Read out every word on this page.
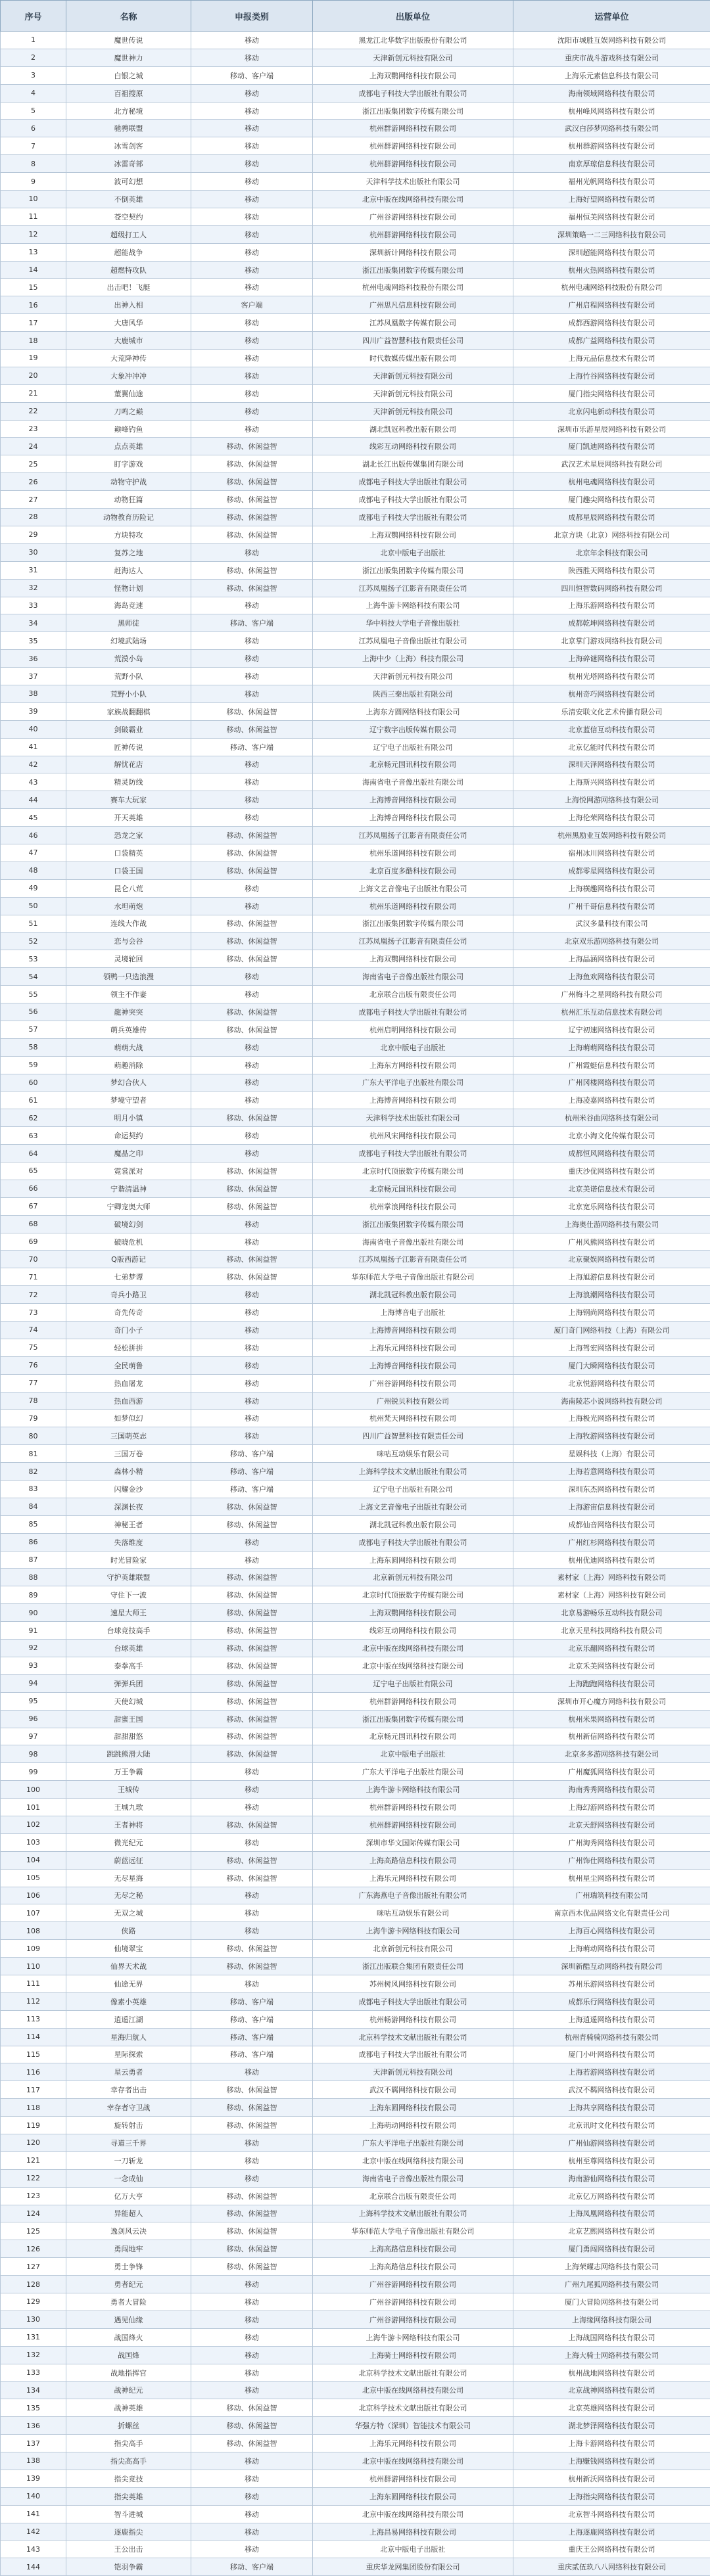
序号	名称	申报类别	出版单位	运营单位
1	魔世传说	移动	黑龙江北华数字出版股份有限公司	沈阳市城胜互娱网络科技有限公司
2	魔世神力	移动	天津新创元科技有限公司	重庆市战斗游戏科技有限公司
3	白银之城	移动、客户端	上海双鹦网络科技有限公司	上海乐元素信息科技有限公司
4	百祖搜原	移动	成都电子科技大学出版社有限公司	海南领域网络科技有限公司
5	北方秘境	移动	浙江出版集团数字传媒有限公司	杭州峰风网络科技有限公司
6	驰骋联盟	移动	杭州群游网络科技有限公司	武汉白莎梦网络科技有限公司
7	冰雪剑客	移动	杭州群游网络科技有限公司	杭州群游网络科技有限公司
8	冰雷奇部	移动	杭州群游网络科技有限公司	南京厚琼信息科技有限公司
9	波可幻想	移动	天津科学技术出版社有限公司	福州光帆网络科技有限公司
10	不倒英雄	移动	北京中版在线网络科技有限公司	上海好望网络科技有限公司
11	苍空契约	移动	广州谷游网络科技有限公司	福州恒美网络科技有限公司
12	超级打工人	移动	杭州群游网络科技有限公司	深圳策略一二三网络科技有限公司
13	超能战争	移动	深圳新计网络科技有限公司	深圳超能网络科技有限公司
14	超燃特攻队	移动	浙江出版集团数字传媒有限公司	杭州火热网络科技有限公司
15	出击吧！飞艇	移动	杭州电魂网络科技股份有限公司	杭州电魂网络科技股份有限公司
16	出神入相	客户端	广州思凡信息科技有限公司	广州启程网络科技有限公司
17	大唐风华	移动	江苏凤凰数字传媒有限公司	成都西游网络科技有限公司
18	大鹿城市	移动	四川广益智慧科技有限责任公司	成都广益网络科技有限公司
19	大荒降神传	移动	时代数媒传媒出版有限公司	上海元品信息技术有限公司
20	大象冲冲冲	移动	天津新创元科技有限公司	上海竹谷网络科技有限公司
21	董翼仙途	移动	天津新创元科技有限公司	厦门指尖网络科技有限公司
22	刀鸣之巅	移动	天津新创元科技有限公司	北京闪电新动科技有限公司
23	巅峰钓鱼	移动	湖北凯冠科教出版有限公司	深圳市乐游星辰网络科技有限公司
24	点点英雄	移动、休闲益智	线彩互动网络科技有限公司	厦门凯迪网络科技有限公司
25	盯字游戏	移动、休闲益智	湖北长江出版传媒集团有限公司	武汉艺术星辰网络科技有限公司
26	动物守护战	移动、休闲益智	成都电子科技大学出版社有限公司	杭州电魂网络科技有限公司
27	动物狂篇	移动、休闲益智	成都电子科技大学出版社有限公司	厦门趣尖网络科技有限公司
28	动物教育历险记	移动、休闲益智	成都电子科技大学出版社有限公司	成都星辰网络科技有限公司
29	方块特攻	移动、休闲益智	上海双鹦网络科技有限公司	北京方块（北京）网络科技有限公司
30	复苏之地	移动	北京中版电子出版社	北京年余科技有限公司
31	赶海达人	移动、休闲益智	浙江出版集团数字传媒有限公司	陕西胜天网络科技有限公司
32	怪物计划	移动、休闲益智	江苏凤凰扬子江影音有限责任公司	四川恒智数码网络科技有限公司
33	海岛竞速	移动	上海牛游卡网络科技有限公司	上海乐游网络科技有限公司
34	黑师徒	移动、客户端	华中科技大学电子音像出版社	成都乾坤网络科技有限公司
35	幻境武陆场	移动	江苏凤凰电子音像出版社有限公司	北京掌门游戏网络科技有限公司
36	荒漠小岛	移动	上海中少（上海）科技有限公司	上海碎谜网络科技有限公司
37	荒野小队	移动	天津新创元科技有限公司	杭州光塔网络科技有限公司
38	荒野小小队	移动	陕西三秦出版社有限公司	杭州奇巧网络科技有限公司
39	家族战翻翻棋	移动、休闲益智	上海东方圆网络科技有限公司	乐清安联文化艺术传播有限公司
40	剑破霸业	移动、休闲益智	辽宁数字出版传媒有限公司	北京蓝信互动科技有限公司
41	匠神传说	移动、客户端	辽宁电子出版社有限公司	北京亿能时代科技有限公司
42	解忧花店	移动	北京畅元国讯科技有限公司	深圳天泽网络科技有限公司
43	精灵防线	移动	海南省电子音像出版社有限公司	上海斯兴网络科技有限公司
44	赛车大玩家	移动	上海博音网络科技有限公司	上海悦网游网络科技有限公司
45	开天英雄	移动	上海博音网络科技有限公司	上海伦荣网络科技有限公司
46	恐龙之家	移动、休闲益智	江苏凤凰扬子江影音有限责任公司	杭州黑励业互娱网络科技有限公司
47	口袋精英	移动、休闲益智	杭州乐道网络科技有限公司	宿州冰川网络科技有限公司
48	口袋王国	移动、休闲益智	北京百度多酷科技有限公司	成都零星网络科技有限公司
49	昆仑八荒	移动	上海文艺音像电子出版社有限公司	上海横趣网络科技有限公司
50	水坦萌炮	移动	杭州乐道网络科技有限公司	广州千哥信息科技有限公司
51	连线大作战	移动、休闲益智	浙江出版集团数字传媒有限公司	武汉多量科技有限公司
52	恋与会谷	移动、休闲益智	江苏凤凰扬子江影音有限责任公司	北京双乐游网络科技有限公司
53	灵境轮回	移动、休闲益智	上海双鹦网络科技有限公司	上海晶涵网络科技有限公司
54	领鸭一只选浪漫	移动	海南省电子音像出版社有限公司	上海鱼欢网络科技有限公司
55	领主不作妻	移动	北京联合出版有限责任公司	广州梅斗之星网络科技有限公司
56	龍神突突	移动、休闲益智	成都电子科技大学出版社有限公司	杭州汇乐互动信息技术有限公司
57	萌兵英雄传	移动、休闲益智	杭州启明网络科技有限公司	辽宁初速网络科技有限公司
58	萌萌大战	移动	北京中版电子出版社	上海萌萌网络科技有限公司
59	萌趣消除	移动	上海东方网络科技有限公司	广州霞蜓信息科技有限公司
60	梦幻合伙人	移动	广东大平洋电子出版社有限公司	广州冈楼网络科技有限公司
61	梦境守望者	移动	上海博音网络科技有限公司	上海凌嘉网络科技有限公司
62	明月小镇	移动、休闲益智	天津科学技术出版社有限公司	杭州米谷曲网络科技有限公司
63	命运契约	移动	杭州风宋网络科技有限公司	北京小淘文化传媒有限公司
64	魔晶之印	移动	成都电子科技大学出版社有限公司	成都恒风网络科技有限公司
65	霓裳派对	移动、休闲益智	北京时代顶嵌数字传媒有限公司	重庆沙优网络科技有限公司
66	宁谐清温神	移动、休闲益智	北京畅元国讯科技有限公司	北京美诺信息技术有限公司
67	宁卿宠奥大师	移动、休闲益智	杭州掌浪网络科技有限公司	北京宽乐网络科技有限公司
68	破境幻剑	移动	浙江出版集团数字传媒有限公司	上海奥仕游网络科技有限公司
69	破晓危机	移动	海南省电子音像出版社有限公司	广州风熊网络科技有限公司
70	Q版西游记	移动、休闲益智	江苏凤凰扬子江影音有限责任公司	北京聚娱网络科技有限公司
71	七弟梦谭	移动、休闲益智	华东师范大学电子音像出版社有限公司	上海旭游信息科技有限公司
72	奇兵小路卫	移动	湖北凯冠科教出版有限公司	上海浪潮网络科技有限公司
73	奇先传奇	移动	上海博音电子出版社	上海钢尚网络科技有限公司
74	奇门小子	移动	上海博音网络科技有限公司	厦门奇门网络科技（上海）有限公司
75	轻松拼拼	移动	上海乐元网络科技有限公司	上海驾宏网络科技有限公司
76	全民萌鲁	移动	上海博音网络科技有限公司	厦门大瞬网络科技有限公司
77	热血屠龙	移动	广州谷游网络科技有限公司	北京悦游网络科技有限公司
78	热血西游	移动	广州锐贝科技有限公司	海南陵芯小说网络科技有限公司
79	如梦似幻	移动	杭州梵天网络科技有限公司	上海极光网络科技有限公司
80	三国萌英志	移动	四川广益智慧科技有限责任公司	上海牧游网络科技有限公司
81	三国万卷	移动、客户端	咪咕互动娱乐有限公司	星娱科技（上海）有限公司
82	森林小精	移动、客户端	上海科学技术文献出版社有限公司	上海若意网络科技有限公司
83	闪耀金沙	移动、客户端	辽宁电子出版社有限公司	深圳东杰网络科技有限公司
84	深渊长夜	移动、休闲益智	上海文艺音像电子出版社有限公司	上海游宙信息科技有限公司
85	神秘王者	移动、休闲益智	湖北凯冠科教出版有限公司	成都仙音网络科技有限公司
86	失落维度	移动	成都电子科技大学出版社有限公司	广州红杉网络科技有限公司
87	时光冒险家	移动	上海东圆网络科技有限公司	杭州优迪网络科技有限公司
88	守护英雄联盟	移动、休闲益智	北京新创元科技有限公司	素材家（上海）网络科技有限公司
89	守住下一波	移动、休闲益智	北京时代顶嵌数字传媒有限公司	素材家（上海）网络科技有限公司
90	速星大师王	移动、休闲益智	上海双鹦网络科技有限公司	北京易游畅乐互动科技有限公司
91	台球竞技高手	移动、休闲益智	线彩互动网络科技有限公司	北京天星科技网络科技有限公司
92	台球英雄	移动、休闲益智	北京中版在线网络科技有限公司	北京乐翻网络科技有限公司
93	泰拳高手	移动、休闲益智	北京中版在线网络科技有限公司	北京禾美网络科技有限公司
94	弹弹兵团	移动、休闲益智	辽宁电子出版社有限公司	上海跑跑网络科技有限公司
95	天使幻城	移动、休闲益智	杭州群游网络科技有限公司	深圳市开心魔方网络科技有限公司
96	甜蜜王国	移动、休闲益智	浙江出版集团数字传媒有限公司	杭州米果网络科技有限公司
97	甜甜甜悠	移动、休闲益智	北京畅元国讯科技有限公司	杭州新信网络科技有限公司
98	跳跳熊滑大陆	移动、休闲益智	北京中版电子出版社	北京多多游网络科技有限公司
99	万王争霸	移动	广东大平洋电子出版社有限公司	广州魔狐网络科技有限公司
100	王城传	移动	上海牛游卡网络科技有限公司	海南秀秀网络科技有限公司
101	王城九歌	移动	杭州群游网络科技有限公司	上海幻游网络科技有限公司
102	王者神将	移动、休闲益智	杭州群游网络科技有限公司	北京天舒网络科技有限公司
103	微光纪元	移动	深圳市华文国际传媒有限公司	广州淘秀网络科技有限公司
104	蔚蓝远征	移动、休闲益智	上海高路信息科技有限公司	广州饰仕网络科技有限公司
105	无尽星海	移动、休闲益智	上海乐元网络科技有限公司	杭州星尘网络科技有限公司
106	无尽之秘	移动	广东海燕电子音像出版社有限公司	广州瑞筑科技有限公司
107	无双之城	移动	咪咕互动娱乐有限公司	南京西木优品网络文化有限责任公司
108	侠路	移动	上海牛游卡网络科技有限公司	上海百心网络科技有限公司
109	仙境翠宝	移动、休闲益智	北京新创元科技有限公司	上海萌动网络科技有限公司
110	仙界天术战	移动、休闲益智	浙江出版联合集团有限责任公司	深圳新酷互动网络科技有限公司
111	仙途无界	移动	苏州树风网络科技有限公司	苏州乐游网络科技有限公司
112	像素小英雄	移动、客户端	成都电子科技大学出版社有限公司	成都乐行网络科技有限公司
113	逍遥江湖	移动、客户端	杭州畅游网络科技有限公司	上海逍遥网络科技有限公司
114	星海归航人	移动、客户端	北京科学技术文献出版社有限公司	杭州青骑骑网络科技有限公司
115	星际探索	移动、客户端	成都电子科技大学出版社有限公司	厦门小叶网络科技有限公司
116	星云勇者	移动	天津新创元科技有限公司	上海若游网络科技有限公司
117	幸存者出击	移动、休闲益智	武汉不羁网络科技有限公司	武汉不羁网络科技有限公司
118	幸存者守卫战	移动、休闲益智	上海东圆网络科技有限公司	上海共享网络科技有限公司
119	旋转射击	移动、休闲益智	上海萌动网络科技有限公司	北京讯时文化科技有限公司
120	寻道三千界	移动	广东大平洋电子出版社有限公司	广州仙游网络科技有限公司
121	一刀斩龙	移动	北京中版在线网络科技有限公司	杭州至尊网络科技有限公司
122	一念成仙	移动	海南省电子音像出版社有限公司	海南游仙网络科技有限公司
123	亿万大亨	移动、休闲益智	北京联合出版有限责任公司	北京亿万网络科技有限公司
124	异能超人	移动、休闲益智	上海科学技术文献出版社有限公司	上海凤凰网络科技有限公司
125	逸剑风云决	移动、休闲益智	华东师范大学电子音像出版社有限公司	北京艺熙网络科技有限公司
126	勇闯地牢	移动、休闲益智	上海高路信息科技有限公司	厦门勇闯网络科技有限公司
127	勇士争锋	移动、休闲益智	上海高路信息科技有限公司	上海荣耀志网络科技有限公司
128	勇者纪元	移动	广州谷游网络科技有限公司	广州九尾狐网络科技有限公司
129	勇者大冒险	移动	广州谷游网络科技有限公司	厦门大冒险网络科技有限公司
130	遇见仙缘	移动	广州谷游网络科技有限公司	上海缘网络科技有限公司
131	战国烽火	移动	上海牛游卡网络科技有限公司	上海战国网络科技有限公司
132	战国烽	移动	上海骑士网络科技有限公司	上海大骑士网络科技有限公司
133	战地指挥官	移动	北京科学技术文献出版社有限公司	杭州战地网络科技有限公司
134	战神纪元	移动	北京中版在线网络科技有限公司	北京战神网络科技有限公司
135	战神英雄	移动、休闲益智	北京科学技术文献出版社有限公司	北京英雄网络科技有限公司
136	折螺丝	移动、休闲益智	华强方特（深圳）智能技术有限公司	湖北梦泽网络科技有限公司
137	指尖高手	移动、休闲益智	上海乐元网络科技有限公司	上海卡游网络科技有限公司
138	指尖高高手	移动	北京中版在线网络科技有限公司	上海赚钱网络科技有限公司
139	指尖竞技	移动	杭州群游网络科技有限公司	杭州新沃网络科技有限公司
140	指尖英雄	移动	上海东圆网络科技有限公司	上海指尖网络科技有限公司
141	智斗进城	移动	北京中版在线网络科技有限公司	北京智斗网络科技有限公司
142	逐鹿指尖	移动	上海昌易网络科技有限公司	上海逐鹿网络科技有限公司
143	王公出击	移动	北京中版电子出版社	重庆王公网络科技有限公司
144	铠羽争霸	移动、客户端	重庆华龙网集团股份有限公司	重庆贰伍玖八八网络科技有限公司
